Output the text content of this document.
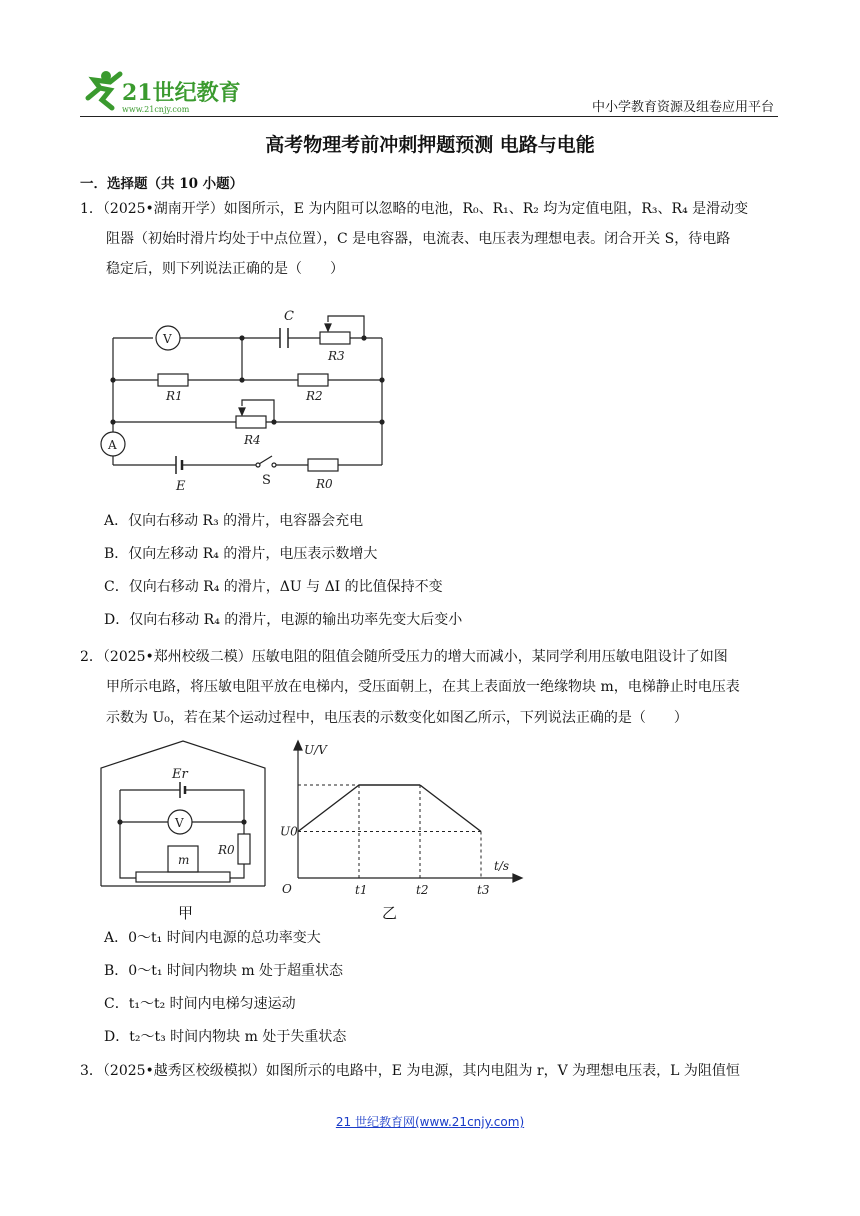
21世纪教育
www.21cnjy.com	中小学教育资源及组卷应用平台
高考物理考前冲刺押题预测 电路与电能
一．选择题（共 10 小题）
1．（2025•湖南开学）如图所示，E 为内阻可以忽略的电池，R₀、R₁、R₂ 均为定值电阻，R₃、R₄ 是滑动变
阻器（初始时滑片均处于中点位置），C 是电容器，电流表、电压表为理想电表。闭合开关 S，待电路
稳定后，则下列说法正确的是（　　）
V
C
R3
R1	R2
R4
A
E	S	R0
A．仅向右移动 R₃ 的滑片，电容器会充电
B．仅向左移动 R₄ 的滑片，电压表示数增大
C．仅向右移动 R₄ 的滑片，ΔU 与 ΔI 的比值保持不变
D．仅向右移动 R₄ 的滑片，电源的输出功率先变大后变小
2．（2025•郑州校级二模）压敏电阻的阻值会随所受压力的增大而减小，某同学利用压敏电阻设计了如图
甲所示电路，将压敏电阻平放在电梯内，受压面朝上，在其上表面放一绝缘物块 m，电梯静止时电压表
示数为 U₀，若在某个运动过程中，电压表的示数变化如图乙所示，下列说法正确的是（　　）
Er
V
R0
m
甲
t1	t2	t3
U0
U/V
t/s
O
乙
A．0～t₁ 时间内电源的总功率变大
B．0～t₁ 时间内物块 m 处于超重状态
C．t₁～t₂ 时间内电梯匀速运动
D．t₂～t₃ 时间内物块 m 处于失重状态
3．（2025•越秀区校级模拟）如图所示的电路中，E 为电源，其内电阻为 r，V 为理想电压表，L 为阻值恒
21 世纪教育网(www.21cnjy.com)
